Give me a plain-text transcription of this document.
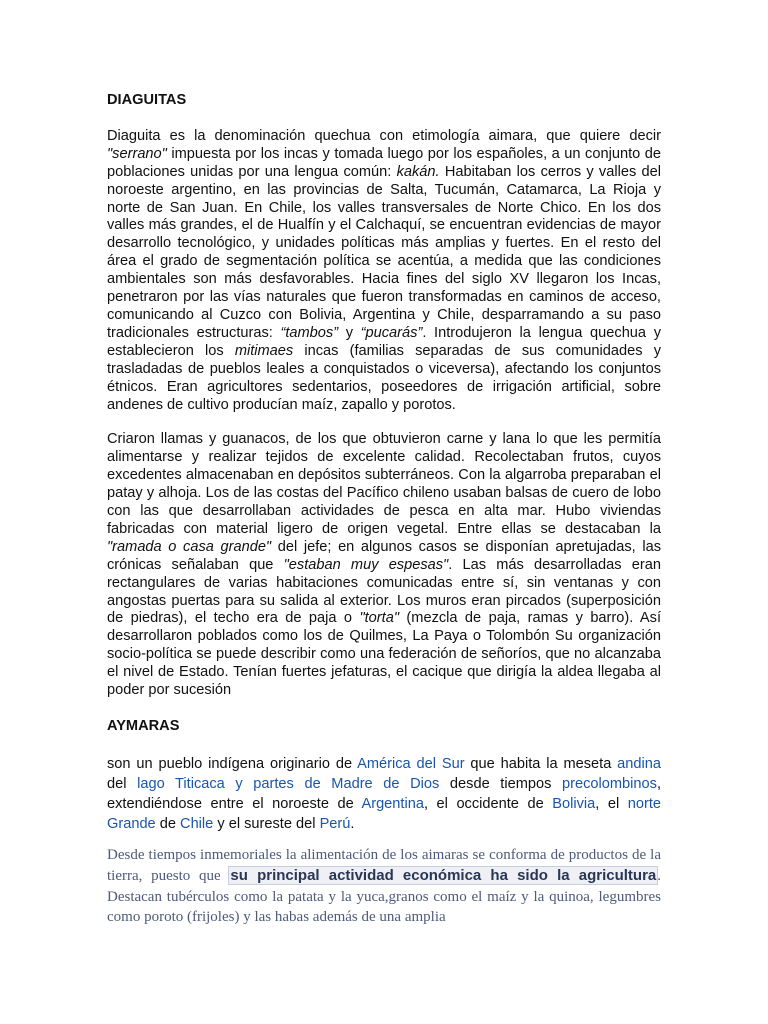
DIAGUITAS

Diaguita es la denominación quechua con etimología aimara, que quiere decir "serrano" impuesta por los incas y tomada luego por los españoles, a un conjunto de poblaciones unidas por una lengua común: kakán. Habitaban los cerros y valles del noroeste argentino, en las provincias de Salta, Tucumán, Catamarca, La Rioja y norte de San Juan. En Chile, los valles transversales de Norte Chico. En los dos valles más grandes, el de Hualfín y el Calchaquí, se encuentran evidencias de mayor desarrollo tecnológico, y unidades políticas más amplias y fuertes. En el resto del área el grado de segmentación política se acentúa, a medida que las condiciones ambientales son más desfavorables. Hacia fines del siglo XV llegaron los Incas, penetraron por las vías naturales que fueron transformadas en caminos de acceso, comunicando al Cuzco con Bolivia, Argentina y Chile, desparramando a su paso tradicionales estructuras: “tambos” y “pucarás”. Introdujeron la lengua quechua y establecieron los mitimaes incas (familias separadas de sus comunidades y trasladadas de pueblos leales a conquistados o viceversa), afectando los conjuntos étnicos. Eran agricultores sedentarios, poseedores de irrigación artificial, sobre andenes de cultivo producían maíz, zapallo y porotos.

Criaron llamas y guanacos, de los que obtuvieron carne y lana lo que les permitía alimentarse y realizar tejidos de excelente calidad. Recolectaban frutos, cuyos excedentes almacenaban en depósitos subterráneos. Con la algarroba preparaban el patay y alhoja. Los de las costas del Pacífico chileno usaban balsas de cuero de lobo con las que desarrollaban actividades de pesca en alta mar. Hubo viviendas fabricadas con material ligero de origen vegetal. Entre ellas se destacaban la "ramada o casa grande" del jefe; en algunos casos se disponían apretujadas, las crónicas señalaban que "estaban muy espesas". Las más desarrolladas eran rectangulares de varias habitaciones comunicadas entre sí, sin ventanas y con angostas puertas para su salida al exterior. Los muros eran pircados (superposición de piedras), el techo era de paja o "torta" (mezcla de paja, ramas y barro). Así desarrollaron poblados como los de Quilmes, La Paya o Tolombón Su organización socio-política se puede describir como una federación de señoríos, que no alcanzaba el nivel de Estado. Tenían fuertes jefaturas, el cacique que dirigía la aldea llegaba al poder por sucesión

AYMARAS

son un pueblo indígena originario de América del Sur que habita la meseta andina del lago Titicaca y partes de Madre de Dios desde tiempos precolombinos, extendiéndose entre el noroeste de Argentina, el occidente de Bolivia, el norte Grande de Chile y el sureste del Perú.

Desde tiempos inmemoriales la alimentación de los aimaras se conforma de productos de la tierra, puesto que su principal actividad económica ha sido la agricultura. Destacan tubérculos como la patata y la yuca,granos como el maíz y la quinoa, legumbres como poroto (frijoles) y las habas además de una amplia
